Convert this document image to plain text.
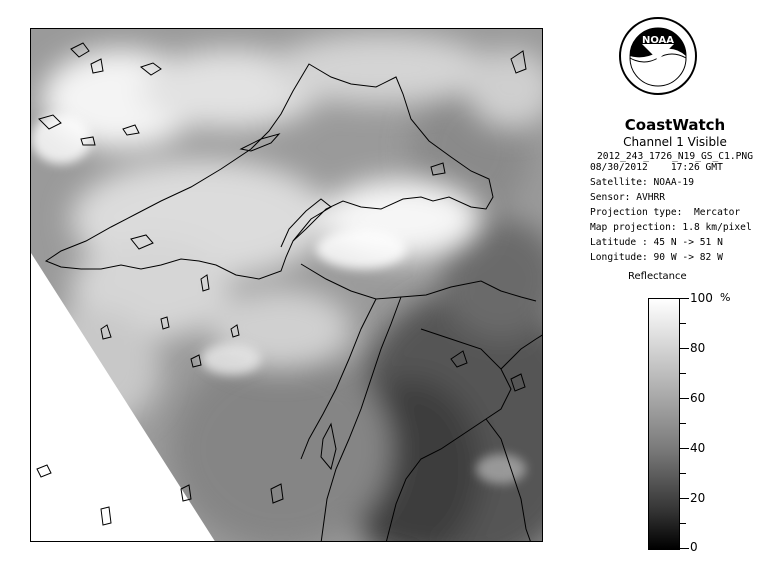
NOAA
CoastWatch
Channel 1 Visible
2012_243_1726_N19_GS_C1.PNG
08/30/2012    17:26 GMT
Satellite: NOAA-19
Sensor: AVHRR
Projection type:  Mercator
Map projection: 1.8 km/pixel
Latitude : 45 N -> 51 N
Longitude: 90 W -> 82 W
Reflectance
%
100
80
60
40
20
0
